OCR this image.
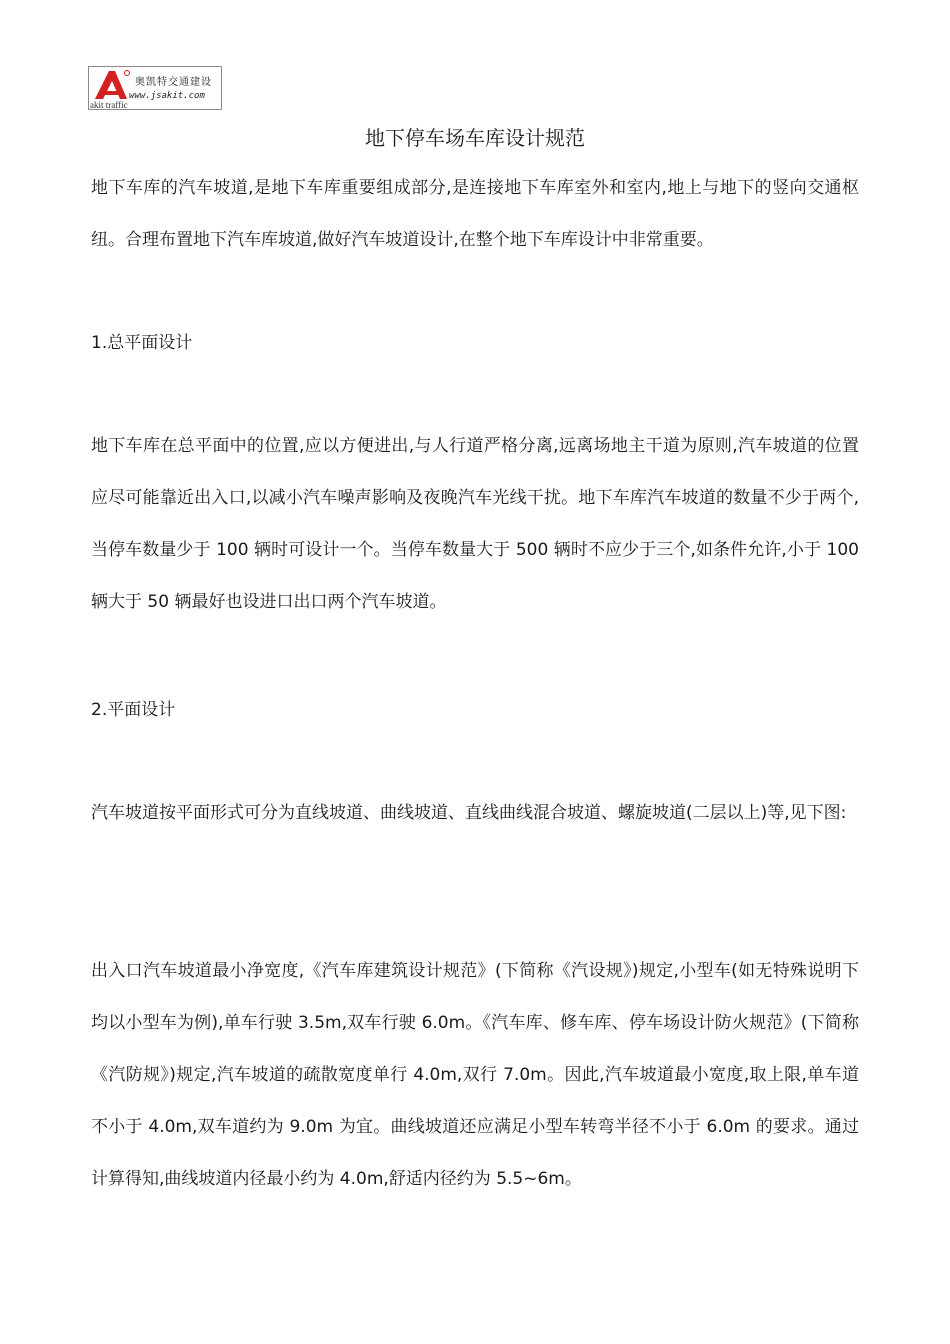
奥凯特交通建设
www.jsakit.com
akit traffic
地下停车场车库设计规范

地下车库的汽车坡道,是地下车库重要组成部分,是连接地下车库室外和室内,地上与地下的竖向交通枢纽。合理布置地下汽车库坡道,做好汽车坡道设计,在整个地下车库设计中非常重要。

1.总平面设计

地下车库在总平面中的位置,应以方便进出,与人行道严格分离,远离场地主干道为原则,汽车坡道的位置应尽可能靠近出入口,以减小汽车噪声影响及夜晚汽车光线干扰。地下车库汽车坡道的数量不少于两个,当停车数量少于 100 辆时可设计一个。当停车数量大于 500 辆时不应少于三个,如条件允许,小于 100 辆大于 50 辆最好也设进口出口两个汽车坡道。

2.平面设计

汽车坡道按平面形式可分为直线坡道、曲线坡道、直线曲线混合坡道、螺旋坡道(二层以上)等,见下图:

出入口汽车坡道最小净宽度,《汽车库建筑设计规范》(下简称《汽设规》)规定,小型车(如无特殊说明下均以小型车为例),单车行驶 3.5m,双车行驶 6.0m。《汽车库、修车库、停车场设计防火规范》(下简称《汽防规》)规定,汽车坡道的疏散宽度单行 4.0m,双行 7.0m。因此,汽车坡道最小宽度,取上限,单车道不小于 4.0m,双车道约为 9.0m 为宜。曲线坡道还应满足小型车转弯半径不小于 6.0m 的要求。通过计算得知,曲线坡道内径最小约为 4.0m,舒适内径约为 5.5~6m。
